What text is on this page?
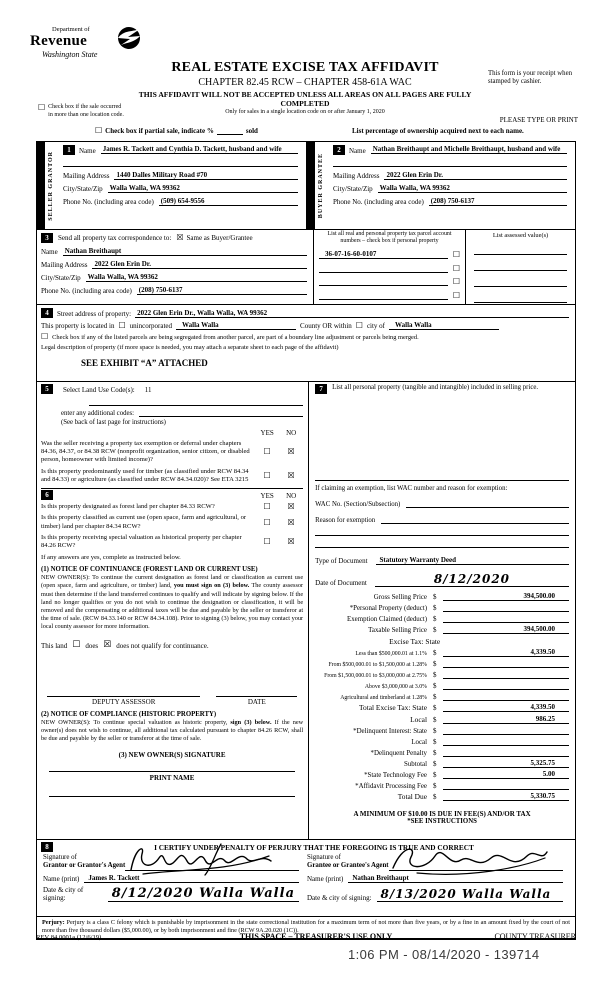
Department of
Revenue
Washington State
REAL ESTATE EXCISE TAX AFFIDAVIT
CHAPTER 82.45 RCW – CHAPTER 458-61A WAC
THIS AFFIDAVIT WILL NOT BE ACCEPTED UNLESS ALL AREAS ON ALL PAGES ARE FULLY COMPLETED
Only for sales in a single location code on or after January 1, 2020
This form is your receipt when stamped by cashier.
PLEASE TYPE OR PRINT
☐ Check box if the sale occurred
in more than one location code.
☐ Check box if partial sale, indicate %	sold	List percentage of ownership acquired next to each name.
SELLER GRANTOR
1	Name James R. Tackett and Cynthia D. Tackett, husband and wife
Mailing Address 1440 Dalles Military Road #70
City/State/Zip Walla Walla, WA 99362
Phone No. (including area code) (509) 654-9556	BUYER GRANTEE
2	Name Nathan Breithaupt and Michelle Breithaupt, husband and wife
Mailing Address 2022 Glen Erin Dr.
City/State/Zip Walla Walla, WA 99362
Phone No. (including area code) (208) 750-6137
3	Send all property tax correspondence to: ☒ Same as Buyer/Grantee
Name Nathan Breithaupt
Mailing Address 2022 Glen Erin Dr.
City/State/Zip Walla Walla, WA 99362
Phone No. (including area code) (208) 750-6137
List all real and personal property tax parcel account numbers – check box if personal property
36-07-16-60-0107	☐
☐
☐
☐
List assessed value(s)
4	Street address of property: 2022 Glen Erin Dr., Walla Walla, WA 99362
This property is located in ☐ unincorporated	Walla Walla	County OR within ☐ city of	Walla Walla
☐ Check box if any of the listed parcels are being segregated from another parcel, are part of a boundary line adjustment or parcels being merged.
Legal description of property (if more space is needed, you may attach a separate sheet to each page of the affidavit)
SEE EXHIBIT “A” ATTACHED
5	Select Land Use Code(s): 11
enter any additional codes:
(See back of last page for instructions)
YES	NO
Was the seller receiving a property tax exemption or deferral under chapters 84.36, 84.37, or 84.38 RCW (nonprofit organization, senior citizen, or disabled person, homeowner with limited income)?
☐	☒
Is this property predominantly used for timber (as classified under RCW 84.34 and 84.33) or agriculture (as classified under RCW 84.34.020)? See ETA 3215	☐	☒
6	YES	NO
Is this property designated as forest land per chapter 84.33 RCW?	☐	☒
Is this property classified as current use (open space, farm and agricultural, or timber) land per chapter 84.34 RCW?	☐	☒
Is this property receiving special valuation as historical property per chapter 84.26 RCW?	☐	☒
If any answers are yes, complete as instructed below.
(1) NOTICE OF CONTINUANCE (FOREST LAND OR CURRENT USE)
NEW OWNER(S): To continue the current designation as forest land or classification as current use (open space, farm and agriculture, or timber) land, you must sign on (3) below. The county assessor must then determine if the land transferred continues to qualify and will indicate by signing below. If the land no longer qualifies or you do not wish to continue the designation or classification, it will be removed and the compensating or additional taxes will be due and payable by the seller or transferor at the time of sale. (RCW 84.33.140 or RCW 84.34.108). Prior to signing (3) below, you may contact your local county assessor for more information.
This land ☐ does ☒ does not qualify for continuance.
DEPUTY ASSESSOR	DATE
(2) NOTICE OF COMPLIANCE (HISTORIC PROPERTY)
NEW OWNER(S): To continue special valuation as historic property, sign (3) below. If the new owner(s) does not wish to continue, all additional tax calculated pursuant to chapter 84.26 RCW, shall be due and payable by the seller or transferor at the time of sale.
(3) NEW OWNER(S) SIGNATURE
PRINT NAME
7	List all personal property (tangible and intangible) included in selling price.
If claiming an exemption, list WAC number and reason for exemption:
WAC No. (Section/Subsection)
Reason for exemption
Type of Document	Statutory Warranty Deed
Date of Document	8/12/2020
Gross Selling Price $	394,500.00
*Personal Property (deduct) $
Exemption Claimed (deduct) $
Taxable Selling Price $	394,500.00
Excise Tax: State
Less than $500,000.01 at 1.1% $	4,339.50
From $500,000.01 to $1,500,000 at 1.28% $
From $1,500,000.01 to $3,000,000 at 2.75% $
Above $3,000,000 at 3.0% $
Agricultural and timberland at 1.28% $
Total Excise Tax: State $	4,339.50
Local $	986.25
*Delinquent Interest: State $
Local $
*Delinquent Penalty $
Subtotal $	5,325.75
*State Technology Fee $	5.00
*Affidavit Processing Fee $
Total Due $	5,330.75
A MINIMUM OF $10.00 IS DUE IN FEE(S) AND/OR TAX
*SEE INSTRUCTIONS
8	I CERTIFY UNDER PENALTY OF PERJURY THAT THE FOREGOING IS TRUE AND CORRECT
Signature of
Grantor or Grantor's Agent
Name (print)	James R. Tackett
Date & city of signing:	8/12/2020 Walla Walla
Signature of
Grantee or Grantee's Agent
Name (print)	Nathan Breithaupt
Date & city of signing: 8/13/2020 Walla Walla
Perjury: Perjury is a class C felony which is punishable by imprisonment in the state correctional institution for a maximum term of not more than five years, or by a fine in an amount fixed by the court of not more than five thousand dollars ($5,000.00), or by both imprisonment and fine (RCW 9A.20.020 (1C)).
REV 84 0001a (12/6/19)	THIS SPACE – TREASURER'S USE ONLY	COUNTY TREASURER
1:06 PM - 08/14/2020 - 139714
